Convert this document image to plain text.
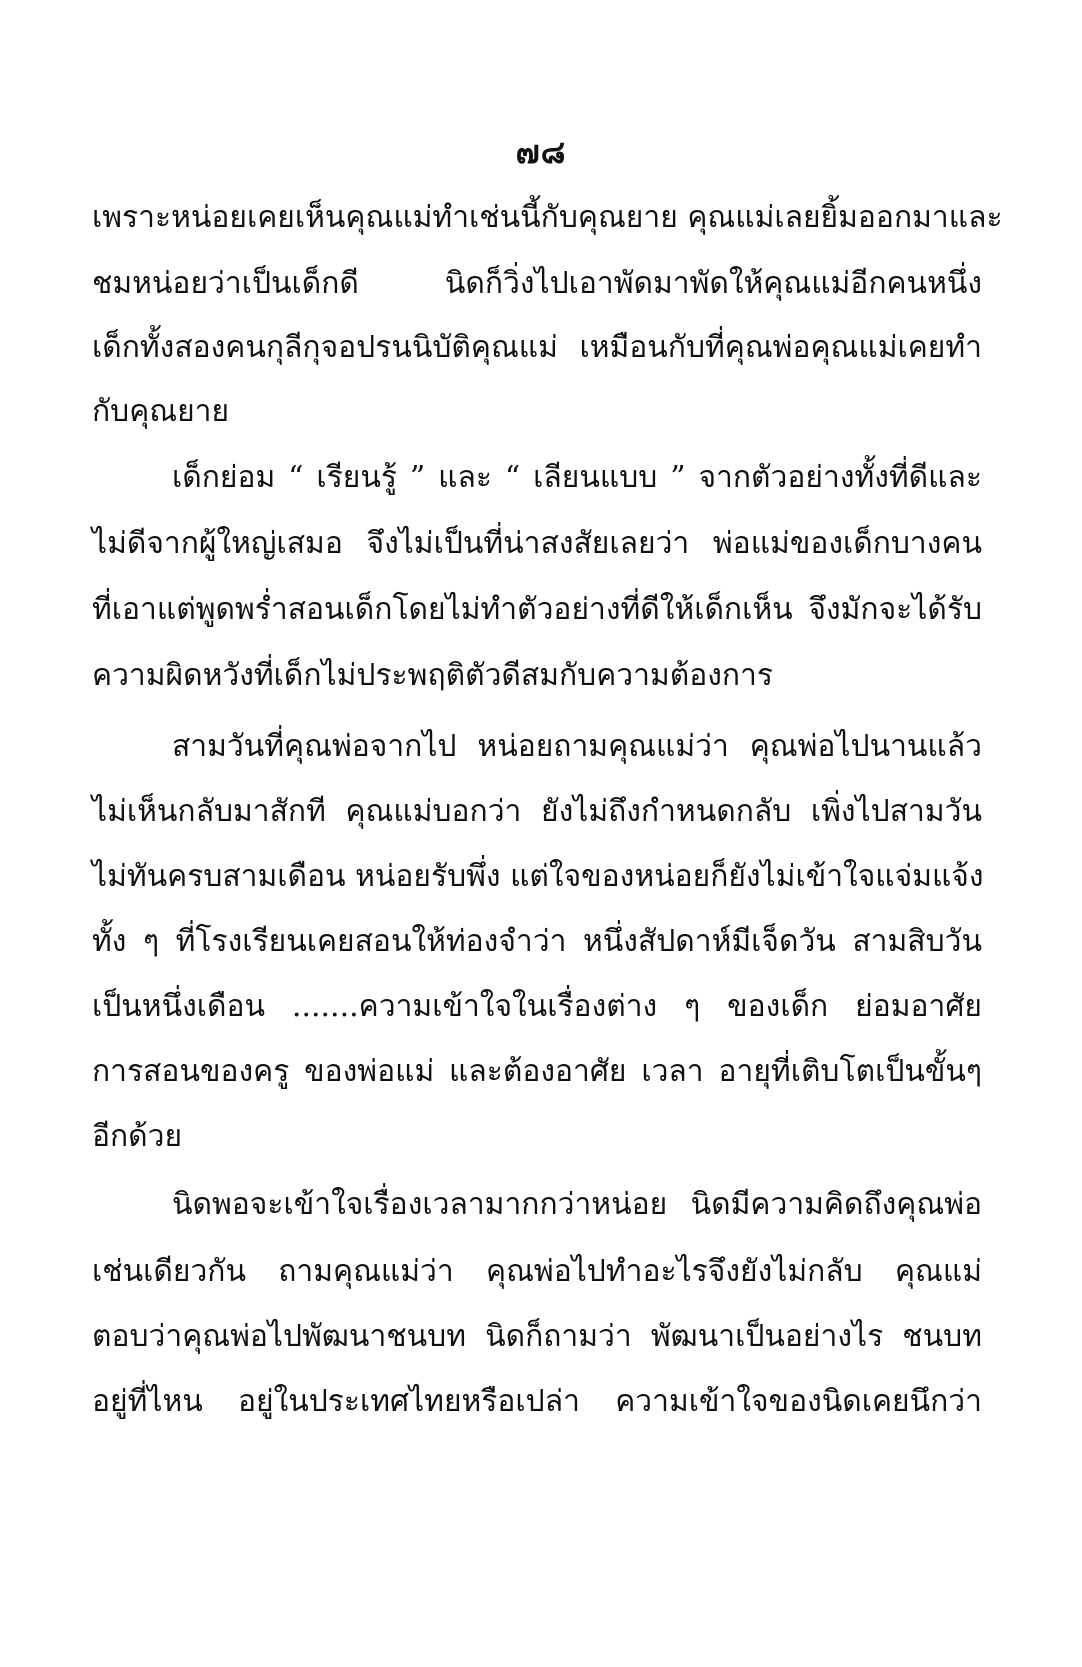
๗๘
เพราะหน่อยเคยเห็นคุณแม่ทำเช่นนี้กับคุณยาย คุณแม่เลยยิ้มออกมาและ
ชมหน่อยว่าเป็นเด็กดี นิดก็วิ่งไปเอาพัดมาพัดให้คุณแม่อีกคนหนึ่ง
เด็กทั้งสองคนกุลีกุจอปรนนิบัติคุณแม่ เหมือนกับที่คุณพ่อคุณแม่เคยทำ
กับคุณยาย
เด็กย่อม “ เรียนรู้ ” และ “ เลียนแบบ ” จากตัวอย่างทั้งที่ดีและ
ไม่ดีจากผู้ใหญ่เสมอ จึงไม่เป็นที่น่าสงสัยเลยว่า พ่อแม่ของเด็กบางคน
ที่เอาแต่พูดพร่ำสอนเด็กโดยไม่ทำตัวอย่างที่ดีให้เด็กเห็น จึงมักจะได้รับ
ความผิดหวังที่เด็กไม่ประพฤติตัวดีสมกับความต้องการ
สามวันที่คุณพ่อจากไป หน่อยถามคุณแม่ว่า คุณพ่อไปนานแล้ว
ไม่เห็นกลับมาสักที คุณแม่บอกว่า ยังไม่ถึงกำหนดกลับ เพิ่งไปสามวัน
ไม่ทันครบสามเดือน หน่อยรับพึ่ง แต่ใจของหน่อยก็ยังไม่เข้าใจแจ่มแจ้ง
ทั้ง ๆ ที่โรงเรียนเคยสอนให้ท่องจำว่า หนึ่งสัปดาห์มีเจ็ดวัน สามสิบวัน
เป็นหนึ่งเดือน .......ความเข้าใจในเรื่องต่าง ๆ ของเด็ก ย่อมอาศัย
การสอนของครู ของพ่อแม่ และต้องอาศัย เวลา อายุที่เติบโตเป็นขั้นๆ
อีกด้วย
นิดพอจะเข้าใจเรื่องเวลามากกว่าหน่อย นิดมีความคิดถึงคุณพ่อ
เช่นเดียวกัน ถามคุณแม่ว่า คุณพ่อไปทำอะไรจึงยังไม่กลับ คุณแม่
ตอบว่าคุณพ่อไปพัฒนาชนบท นิดก็ถามว่า พัฒนาเป็นอย่างไร ชนบท
อยู่ที่ไหน อยู่ในประเทศไทยหรือเปล่า ความเข้าใจของนิดเคยนึกว่า
